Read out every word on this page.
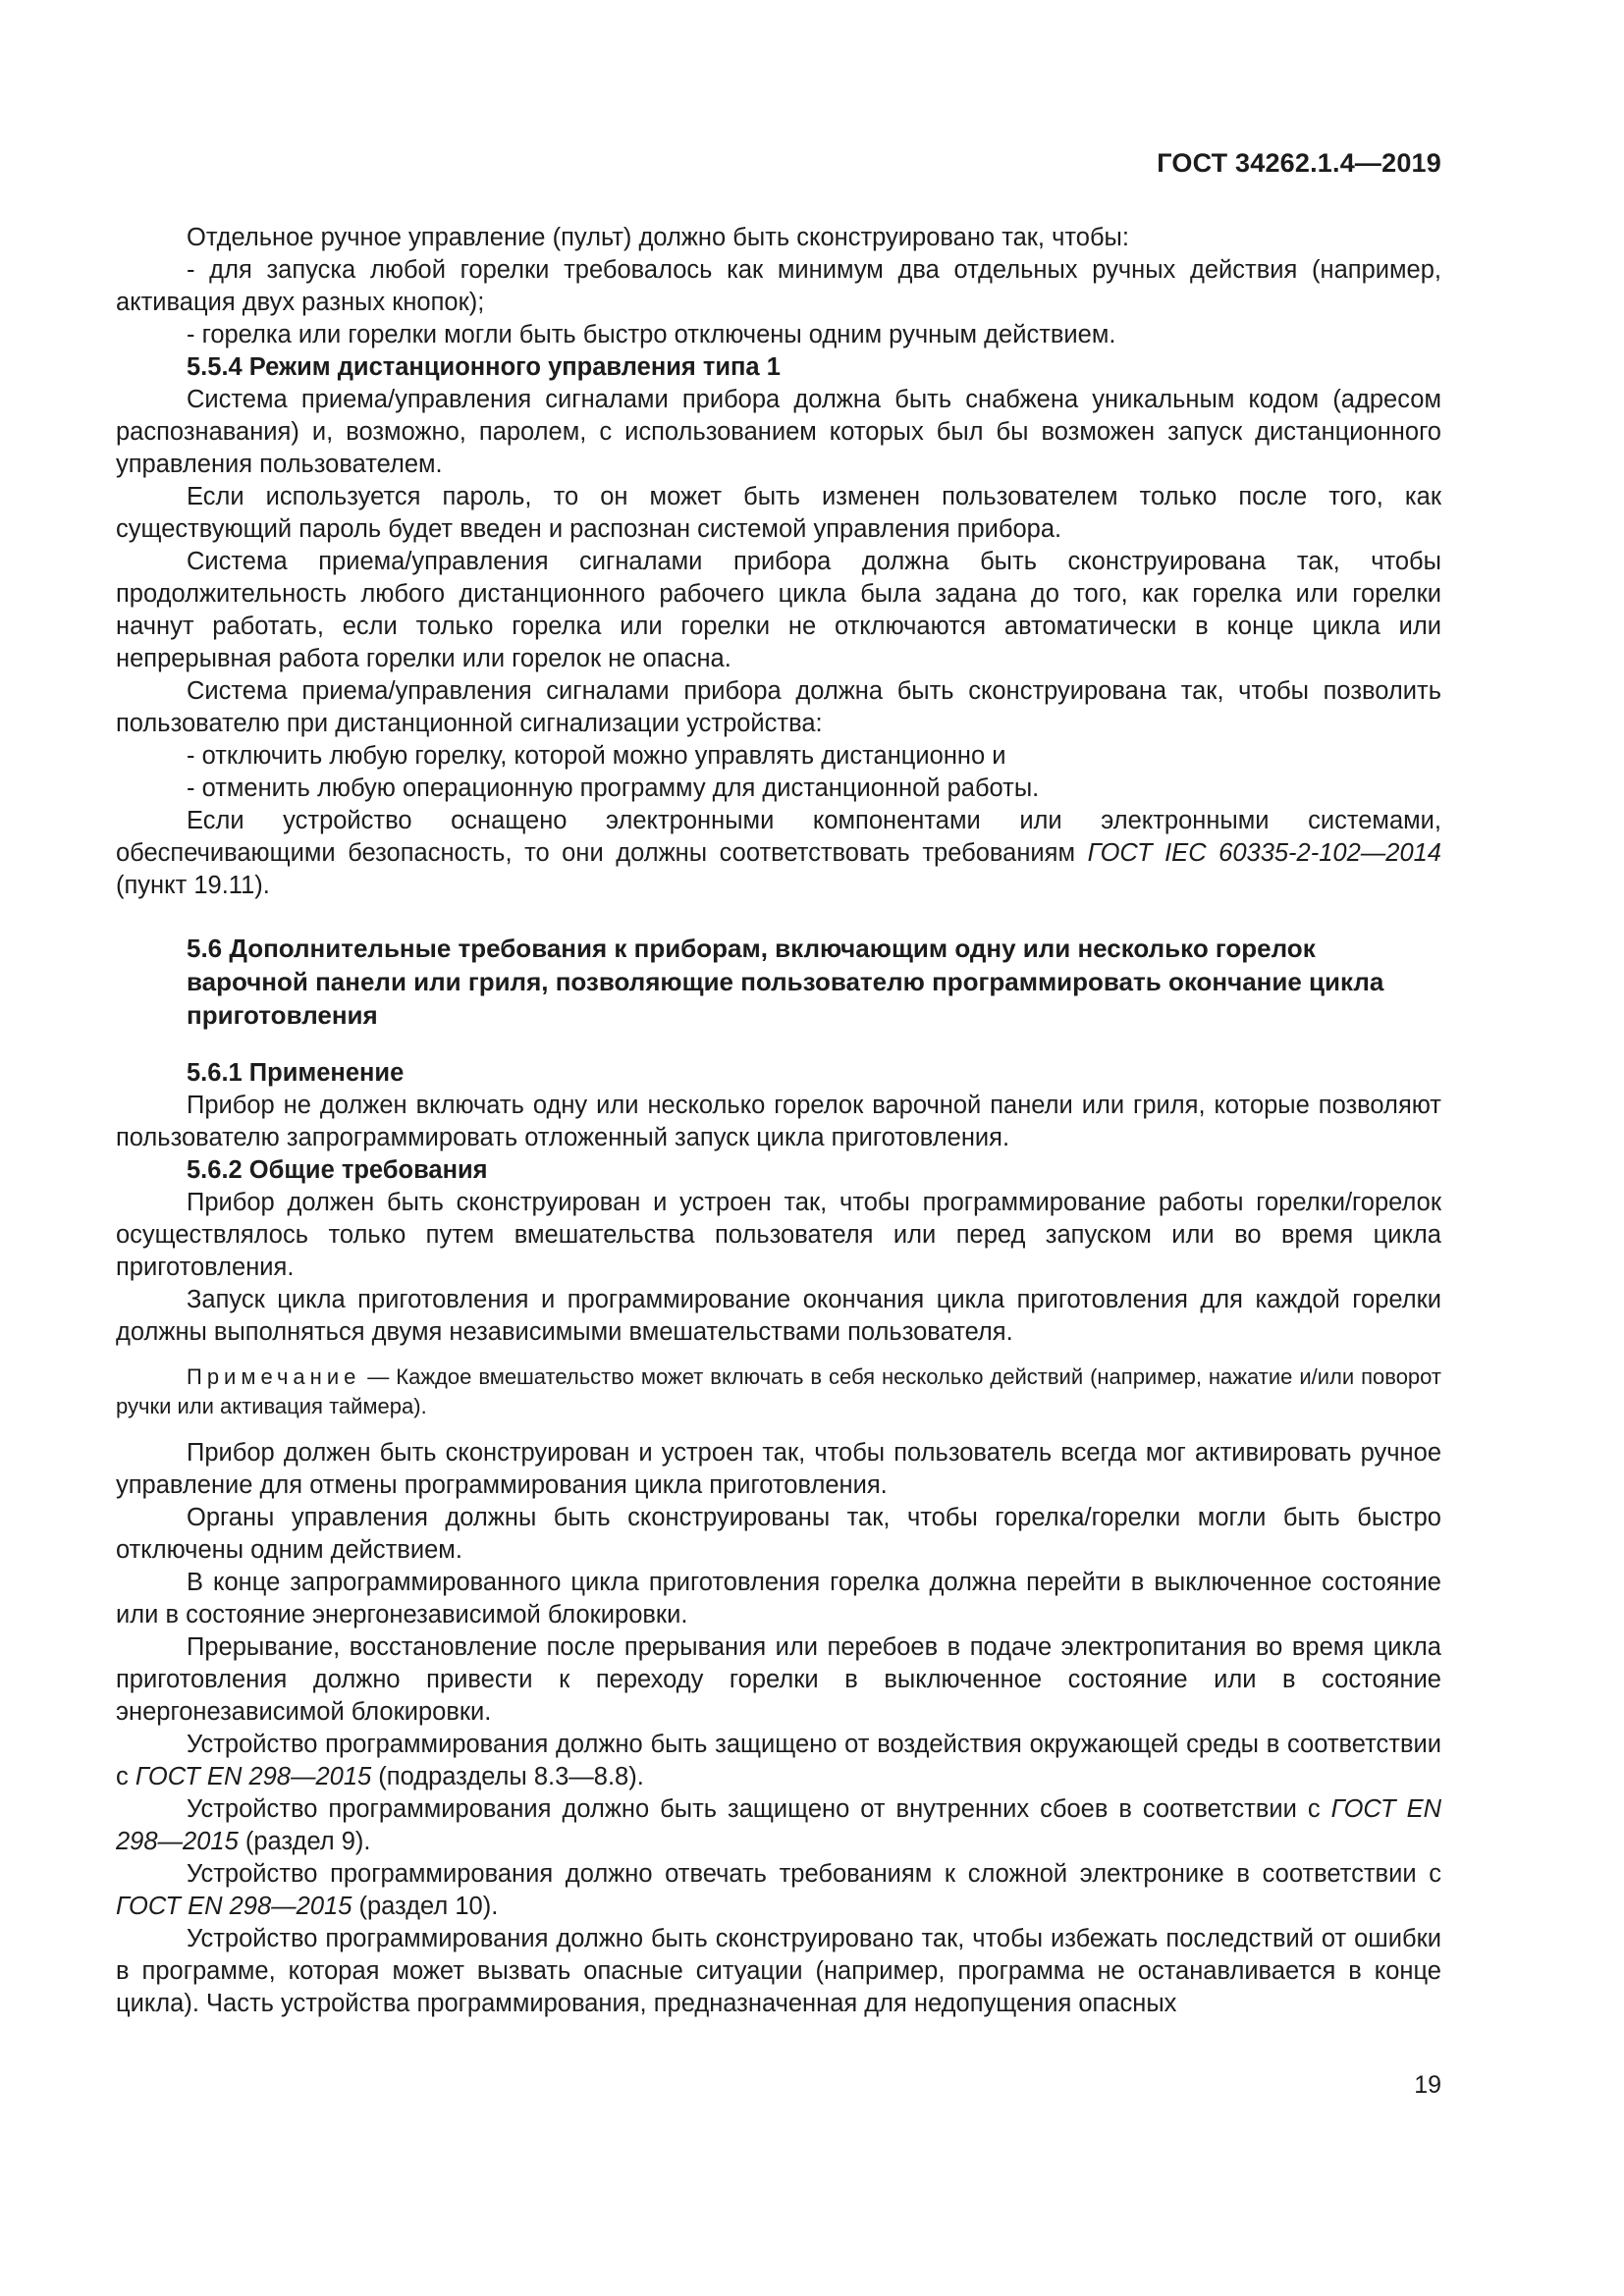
ГОСТ 34262.1.4—2019

Отдельное ручное управление (пульт) должно быть сконструировано так, чтобы:

- для запуска любой горелки требовалось как минимум два отдельных ручных действия (например, активация двух разных кнопок);

- горелка или горелки могли быть быстро отключены одним ручным действием.

5.5.4 Режим дистанционного управления типа 1

Система приема/управления сигналами прибора должна быть снабжена уникальным кодом (адресом распознавания) и, возможно, паролем, с использованием которых был бы возможен запуск дистанционного управления пользователем.

Если используется пароль, то он может быть изменен пользователем только после того, как существующий пароль будет введен и распознан системой управления прибора.

Система приема/управления сигналами прибора должна быть сконструирована так, чтобы продолжительность любого дистанционного рабочего цикла была задана до того, как горелка или горелки начнут работать, если только горелка или горелки не отключаются автоматически в конце цикла или непрерывная работа горелки или горелок не опасна.

Система приема/управления сигналами прибора должна быть сконструирована так, чтобы позволить пользователю при дистанционной сигнализации устройства:

- отключить любую горелку, которой можно управлять дистанционно и

- отменить любую операционную программу для дистанционной работы.

Если устройство оснащено электронными компонентами или электронными системами, обеспечивающими безопасность, то они должны соответствовать требованиям ГОСТ IEC 60335-2-102—2014 (пункт 19.11).

5.6 Дополнительные требования к приборам, включающим одну или несколько горелок варочной панели или гриля, позволяющие пользователю программировать окончание цикла приготовления

5.6.1 Применение

Прибор не должен включать одну или несколько горелок варочной панели или гриля, которые позволяют пользователю запрограммировать отложенный запуск цикла приготовления.

5.6.2 Общие требования

Прибор должен быть сконструирован и устроен так, чтобы программирование работы горелки/горелок осуществлялось только путем вмешательства пользователя или перед запуском или во время цикла приготовления.

Запуск цикла приготовления и программирование окончания цикла приготовления для каждой горелки должны выполняться двумя независимыми вмешательствами пользователя.

Примечание — Каждое вмешательство может включать в себя несколько действий (например, нажатие и/или поворот ручки или активация таймера).

Прибор должен быть сконструирован и устроен так, чтобы пользователь всегда мог активировать ручное управление для отмены программирования цикла приготовления.

Органы управления должны быть сконструированы так, чтобы горелка/горелки могли быть быстро отключены одним действием.

В конце запрограммированного цикла приготовления горелка должна перейти в выключенное состояние или в состояние энергонезависимой блокировки.

Прерывание, восстановление после прерывания или перебоев в подаче электропитания во время цикла приготовления должно привести к переходу горелки в выключенное состояние или в состояние энергонезависимой блокировки.

Устройство программирования должно быть защищено от воздействия окружающей среды в соответствии с ГОСТ EN 298—2015 (подразделы 8.3—8.8).

Устройство программирования должно быть защищено от внутренних сбоев в соответствии с ГОСТ EN 298—2015 (раздел 9).

Устройство программирования должно отвечать требованиям к сложной электронике в соответствии с ГОСТ EN 298—2015 (раздел 10).

Устройство программирования должно быть сконструировано так, чтобы избежать последствий от ошибки в программе, которая может вызвать опасные ситуации (например, программа не останавливается в конце цикла). Часть устройства программирования, предназначенная для недопущения опасных

19
